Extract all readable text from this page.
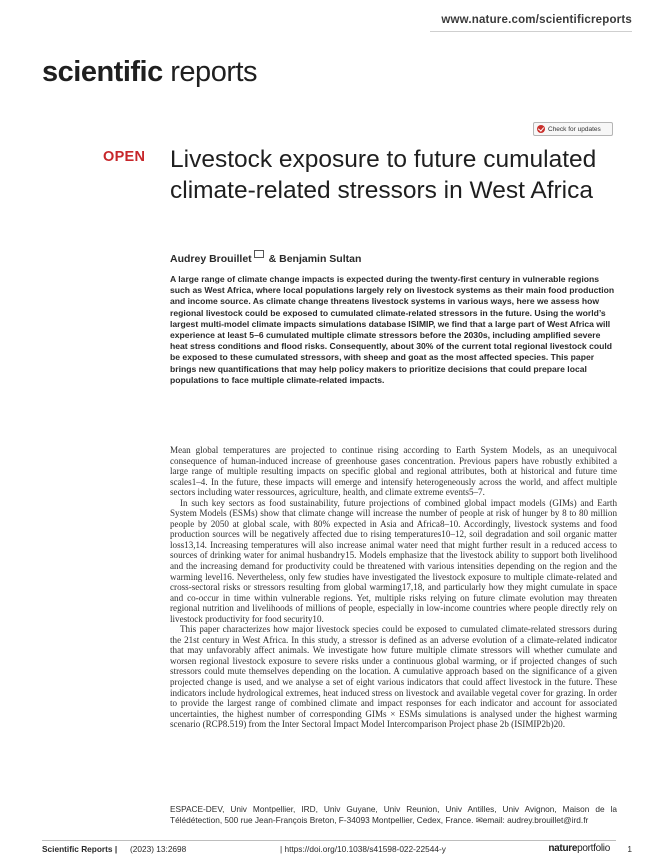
www.nature.com/scientificreports
scientific reports
Check for updates
OPEN Livestock exposure to future cumulated climate-related stressors in West Africa
Audrey Brouillet & Benjamin Sultan

A large range of climate change impacts is expected during the twenty-first century in vulnerable regions such as West Africa, where local populations largely rely on livestock systems as their main food production and income source. As climate change threatens livestock systems in various ways, here we assess how regional livestock could be exposed to cumulated climate-related stressors in the future. Using the world’s largest multi-model climate impacts simulations database ISIMIP, we find that a large part of West Africa will experience at least 5–6 cumulated multiple climate stressors before the 2030s, including amplified severe heat stress conditions and flood risks. Consequently, about 30% of the current total regional livestock could be exposed to these cumulated stressors, with sheep and goat as the most affected species. This paper brings new quantifications that may help policy makers to prioritize decisions that could prepare local populations to face multiple climate-related impacts.

Mean global temperatures are projected to continue rising according to Earth System Models, as an unequivocal consequence of human-induced increase of greenhouse gases concentration. Previous papers have robustly exhibited a large range of multiple resulting impacts on specific global and regional attributes, both at historical and future time scales1–4. In the future, these impacts will emerge and intensify heterogeneously across the world, and affect multiple sectors including water ressources, agriculture, health, and climate extreme events5–7.

In such key sectors as food sustainability, future projections of combined global impact models (GIMs) and Earth System Models (ESMs) show that climate change will increase the number of people at risk of hunger by 8 to 80 million people by 2050 at global scale, with 80% expected in Asia and Africa8–10. Accordingly, livestock systems and food production sources will be negatively affected due to rising temperatures10–12, soil degradation and soil organic matter loss13,14. Increasing temperatures will also increase animal water need that might further result in a reduced access to sources of drinking water for animal husbandry15. Models emphasize that the livestock ability to support both livelihood and the increasing demand for productivity could be threatened with various intensities depending on the region and the warming level16. Nevertheless, only few studies have investigated the livestock exposure to multiple climate-related and cross-sectoral risks or stressors resulting from global warming17,18, and particularly how they might cumulate in space and co-occur in time within vulnerable regions. Yet, multiple risks relying on future climate evolution may threaten regional nutrition and livelihoods of millions of people, especially in low-income countries where people directly rely on livestock productivity for food security10.

This paper characterizes how major livestock species could be exposed to cumulated climate-related stressors during the 21st century in West Africa. In this study, a stressor is defined as an adverse evolution of a climate-related indicator that may unfavorably affect animals. We investigate how future multiple climate stressors will whether cumulate and worsen regional livestock exposure to severe risks under a continuous global warming, or if projected changes of such stressors could mute themselves depending on the location. A cumulative approach based on the significance of a given projected change is used, and we analyse a set of eight various indicators that could affect livestock in the future. These indicators include hydrological extremes, heat induced stress on livestock and available vegetal cover for grazing. In order to provide the largest range of combined climate and impact responses for each indicator and account for associated uncertainties, the highest number of corresponding GIMs × ESMs simulations is analysed under the highest warming scenario (RCP8.519) from the Inter Sectoral Impact Model Intercomparison Project phase 2b (ISIMIP2b)20.

ESPACE-DEV, Univ Montpellier, IRD, Univ Guyane, Univ Reunion, Univ Antilles, Univ Avignon, Maison de la Télédétection, 500 rue Jean-François Breton, F-34093 Montpellier, Cedex, France. ✉email: audrey.brouillet@ird.fr

Scientific Reports | (2023) 13:2698	| https://doi.org/10.1038/s41598-022-22544-y	natureportfolio 1
